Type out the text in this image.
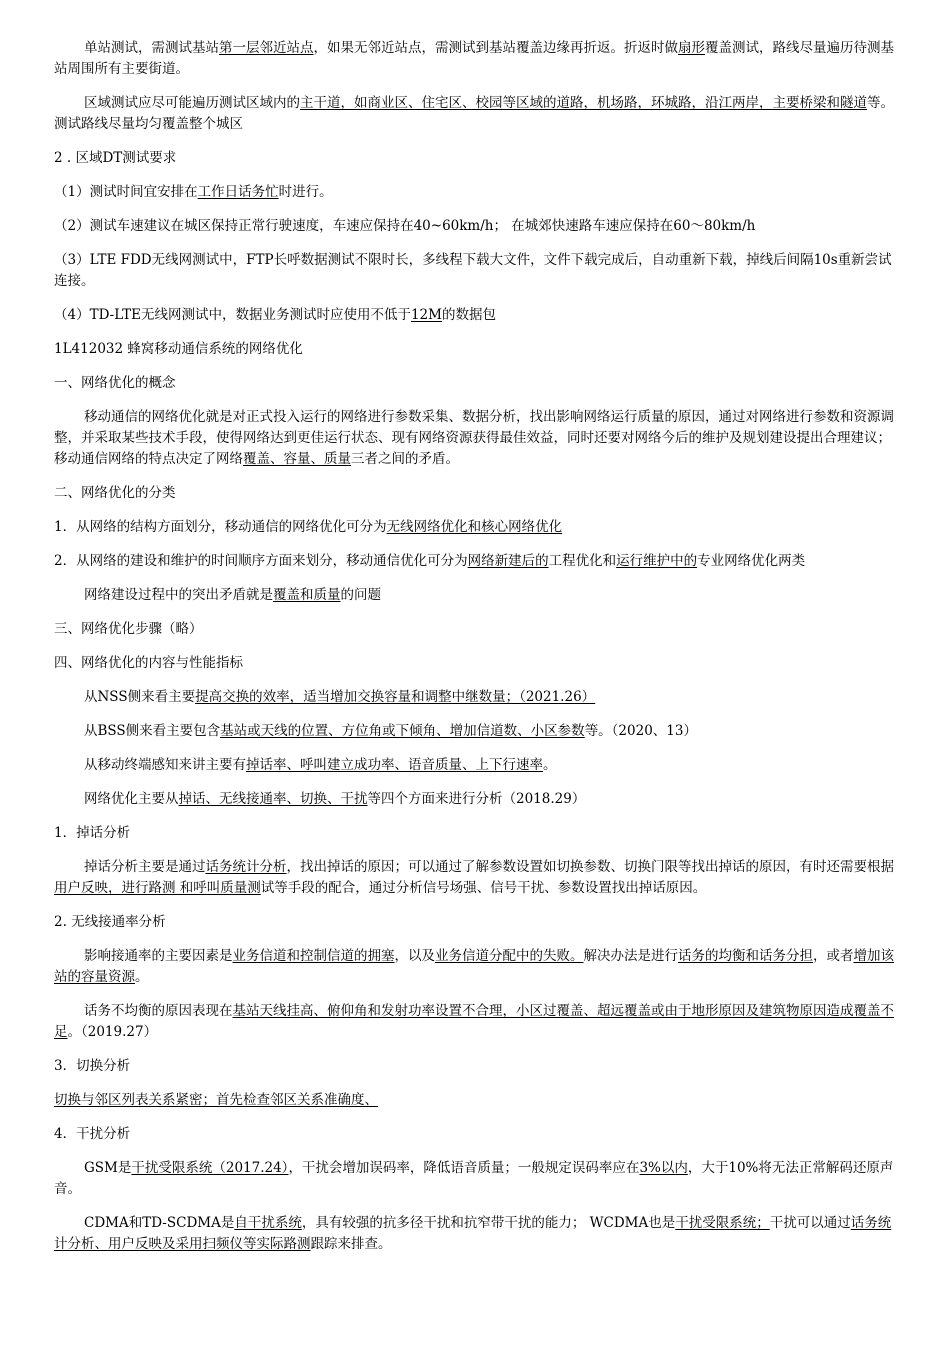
单站测试，需测试基站第一层邻近站点，如果无邻近站点，需测试到基站覆盖边缘再折返。折返时做扇形覆盖测试，路线尽量遍历待测基站周围所有主要街道。

区域测试应尽可能遍历测试区域内的主干道，如商业区、住宅区、校园等区域的道路，机场路，环城路，沿江两岸，主要桥梁和隧道等。测试路线尽量均匀覆盖整个城区

2 . 区域DT测试要求

（1）测试时间宜安排在工作日话务忙时进行。

（2）测试车速建议在城区保持正常行驶速度，车速应保持在40~60km/h； 在城郊快速路车速应保持在60～80km/h

（3）LTE FDD无线网测试中，FTP长呼数据测试不限时长，多线程下载大文件，文件下载完成后，自动重新下载，掉线后间隔10s重新尝试连接。

（4）TD-LTE无线网测试中，数据业务测试时应使用不低于12M的数据包

1L412032 蜂窝移动通信系统的网络优化

一、网络优化的概念

移动通信的网络优化就是对正式投入运行的网络进行参数采集、数据分析，找出影响网络运行质量的原因，通过对网络进行参数和资源调整，并采取某些技术手段，使得网络达到更佳运行状态、现有网络资源获得最佳效益，同时还要对网络今后的维护及规划建设提出合理建议；移动通信网络的特点决定了网络覆盖、容量、质量三者之间的矛盾。

二、网络优化的分类

1．从网络的结构方面划分，移动通信的网络优化可分为无线网络优化和核心网络优化

2．从网络的建设和维护的时间顺序方面来划分，移动通信优化可分为网络新建后的工程优化和运行维护中的专业网络优化两类

网络建设过程中的突出矛盾就是覆盖和质量的问题

三、网络优化步骤（略）

四、网络优化的内容与性能指标

从NSS侧来看主要提高交换的效率，适当增加交换容量和调整中继数量；（2021.26）

从BSS侧来看主要包含基站或天线的位置、方位角或下倾角、增加信道数、小区参数等。（2020、13）

从移动终端感知来讲主要有掉话率、呼叫建立成功率、语音质量、上下行速率。

网络优化主要从掉话、无线接通率、切换、干扰等四个方面来进行分析（2018.29）

1．掉话分析

掉话分析主要是通过话务统计分析，找出掉话的原因；可以通过了解参数设置如切换参数、切换门限等找出掉话的原因，有时还需要根据用户反映，进行路测 和呼叫质量测试等手段的配合，通过分析信号场强、信号干扰、参数设置找出掉话原因。

2. 无线接通率分析

影响接通率的主要因素是业务信道和控制信道的拥塞，以及业务信道分配中的失败。解决办法是进行话务的均衡和话务分担，或者增加该站的容量资源。

话务不均衡的原因表现在基站天线挂高、俯仰角和发射功率设置不合理，小区过覆盖、超远覆盖或由于地形原因及建筑物原因造成覆盖不足。（2019.27）

3．切换分析

切换与邻区列表关系紧密；首先检查邻区关系准确度、

4．干扰分析

GSM是干扰受限系统（2017.24），干扰会增加误码率，降低语音质量；一般规定误码率应在3%以内，大于10%将无法正常解码还原声音。

CDMA和TD-SCDMA是自干扰系统，具有较强的抗多径干扰和抗窄带干扰的能力； WCDMA也是干扰受限系统；干扰可以通过话务统计分析、用户反映及采用扫频仪等实际路测跟踪来排查。
